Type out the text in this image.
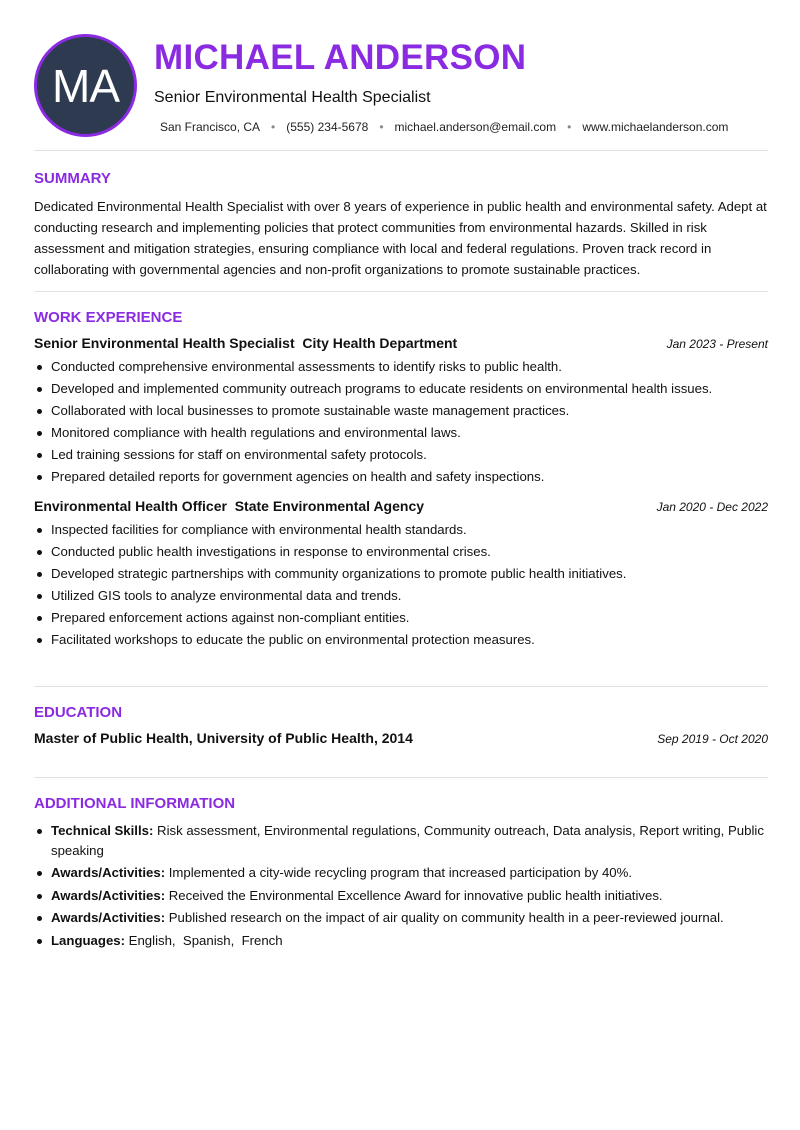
MA
MICHAEL ANDERSON
Senior Environmental Health Specialist
San Francisco, CA • (555) 234-5678 • michael.anderson@email.com • www.michaelanderson.com
SUMMARY

Dedicated Environmental Health Specialist with over 8 years of experience in public health and environmental safety. Adept at conducting research and implementing policies that protect communities from environmental hazards. Skilled in risk assessment and mitigation strategies, ensuring compliance with local and federal regulations. Proven track record in collaborating with governmental agencies and non-profit organizations to promote sustainable practices.

WORK EXPERIENCE
Senior Environmental Health Specialist  City Health Department	Jan 2023 - Present
Conducted comprehensive environmental assessments to identify risks to public health.
Developed and implemented community outreach programs to educate residents on environmental health issues.
Collaborated with local businesses to promote sustainable waste management practices.
Monitored compliance with health regulations and environmental laws.
Led training sessions for staff on environmental safety protocols.
Prepared detailed reports for government agencies on health and safety inspections.
Environmental Health Officer  State Environmental Agency	Jan 2020 - Dec 2022
Inspected facilities for compliance with environmental health standards.
Conducted public health investigations in response to environmental crises.
Developed strategic partnerships with community organizations to promote public health initiatives.
Utilized GIS tools to analyze environmental data and trends.
Prepared enforcement actions against non-compliant entities.
Facilitated workshops to educate the public on environmental protection measures.
EDUCATION
Master of Public Health, University of Public Health, 2014	Sep 2019 - Oct 2020
ADDITIONAL INFORMATION
Technical Skills: Risk assessment, Environmental regulations, Community outreach, Data analysis, Report writing, Public speaking
Awards/Activities: Implemented a city-wide recycling program that increased participation by 40%.
Awards/Activities: Received the Environmental Excellence Award for innovative public health initiatives.
Awards/Activities: Published research on the impact of air quality on community health in a peer-reviewed journal.
Languages: English,  Spanish,  French
